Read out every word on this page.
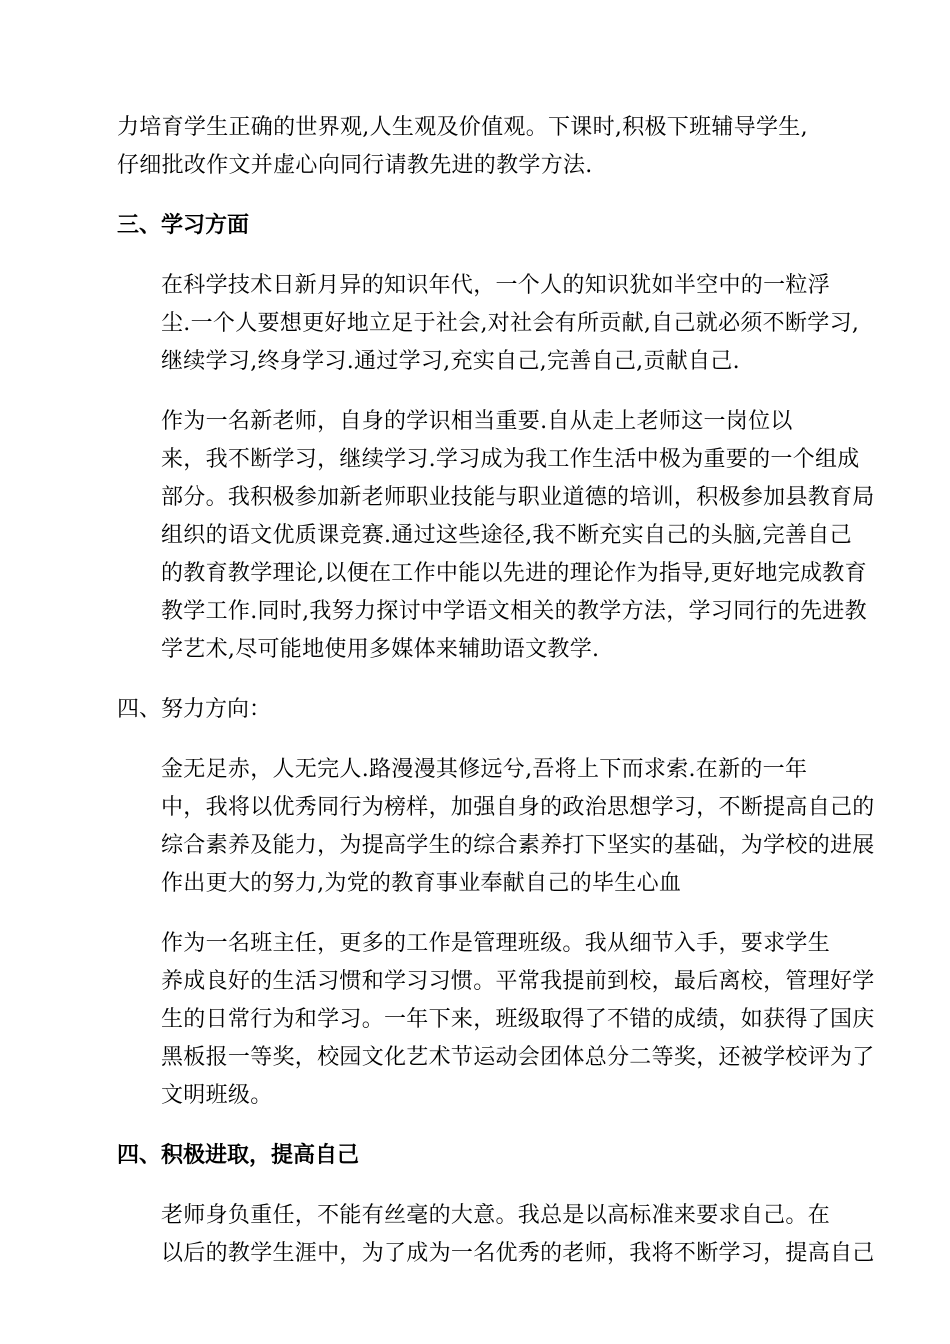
力培育学生正确的世界观,人生观及价值观。下课时,积极下班辅导学生,
仔细批改作文并虚心向同行请教先进的教学方法.
三、学习方面
在科学技术日新月异的知识年代，一个人的知识犹如半空中的一粒浮
尘.一个人要想更好地立足于社会,对社会有所贡献,自己就必须不断学习,
继续学习,终身学习.通过学习,充实自己,完善自己,贡献自己.
作为一名新老师，自身的学识相当重要.自从走上老师这一岗位以
来，我不断学习，继续学习.学习成为我工作生活中极为重要的一个组成
部分。我积极参加新老师职业技能与职业道德的培训，积极参加县教育局
组织的语文优质课竞赛.通过这些途径,我不断充实自己的头脑,完善自己
的教育教学理论,以便在工作中能以先进的理论作为指导,更好地完成教育
教学工作.同时,我努力探讨中学语文相关的教学方法，学习同行的先进教
学艺术,尽可能地使用多媒体来辅助语文教学.
四、努力方向：
金无足赤，人无完人.路漫漫其修远兮,吾将上下而求索.在新的一年
中，我将以优秀同行为榜样，加强自身的政治思想学习，不断提高自己的
综合素养及能力，为提高学生的综合素养打下坚实的基础，为学校的进展
作出更大的努力,为党的教育事业奉献自己的毕生心血
作为一名班主任，更多的工作是管理班级。我从细节入手，要求学生
养成良好的生活习惯和学习习惯。平常我提前到校，最后离校，管理好学
生的日常行为和学习。一年下来，班级取得了不错的成绩，如获得了国庆
黑板报一等奖，校园文化艺术节运动会团体总分二等奖，还被学校评为了
文明班级。
四、积极进取，提高自己
老师身负重任，不能有丝毫的大意。我总是以高标准来要求自己。在
以后的教学生涯中，为了成为一名优秀的老师，我将不断学习，提高自己
